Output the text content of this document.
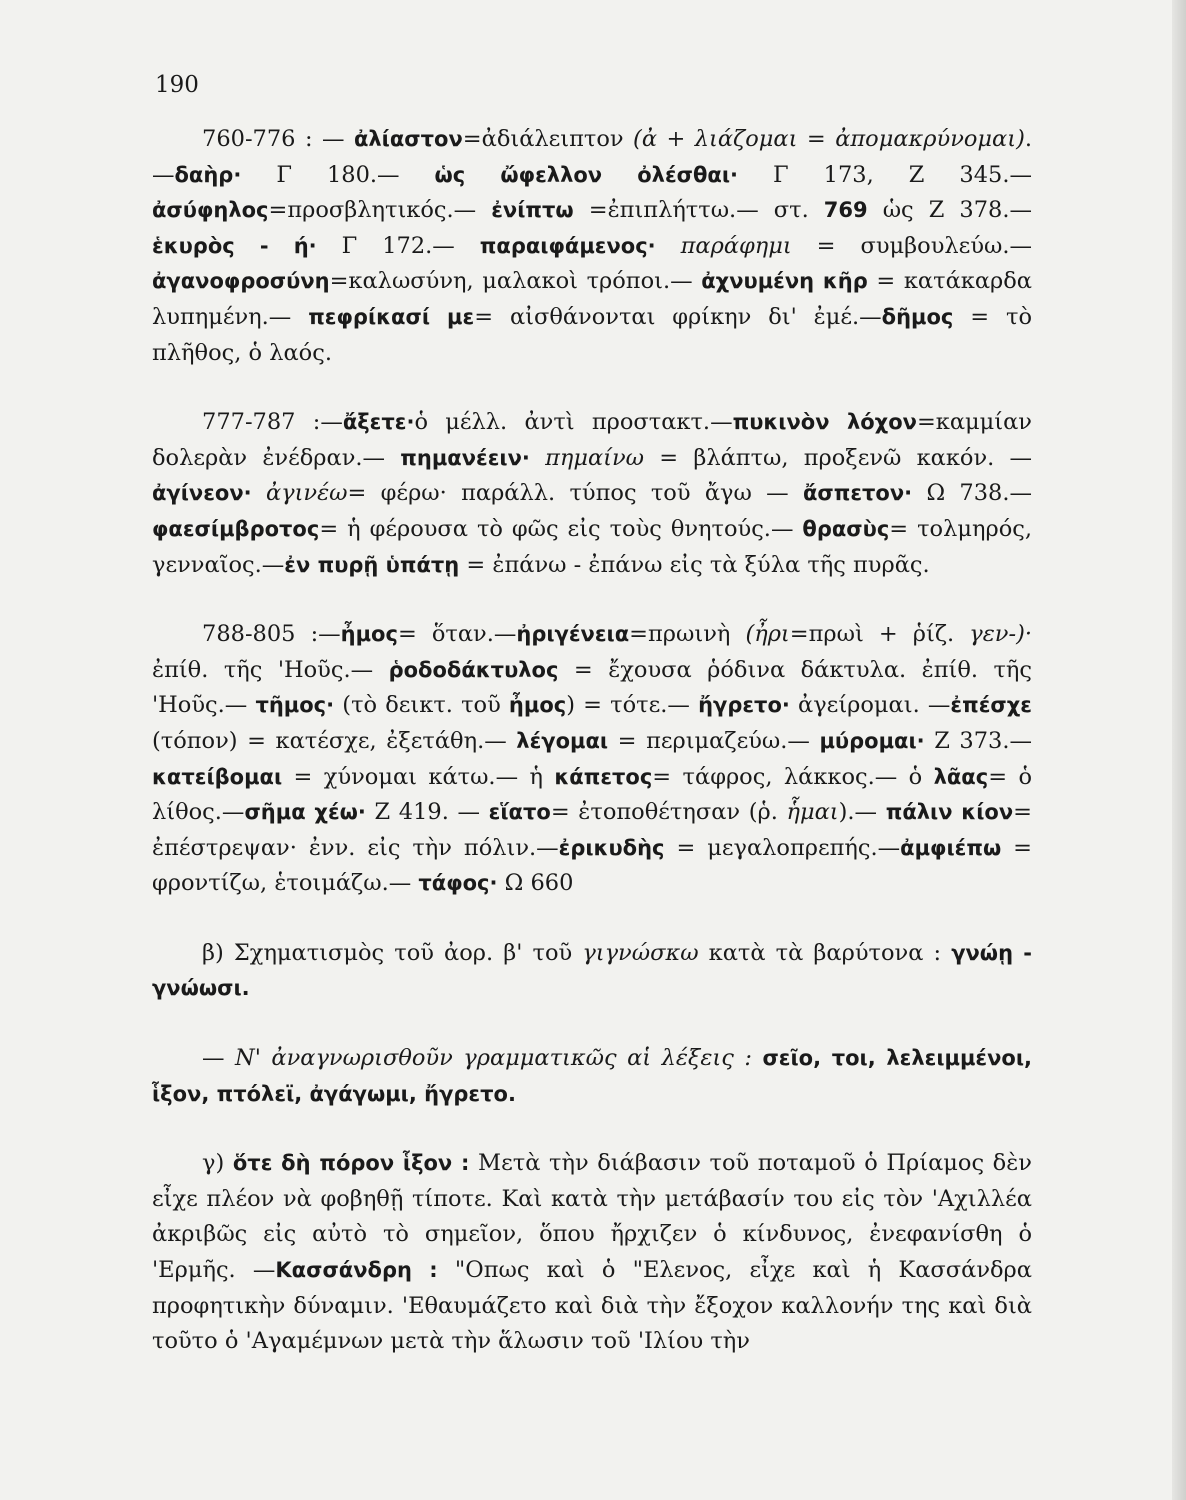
190

760-776 : — ἀλίαστον=ἀδιάλειπτον (ἀ + λιάζομαι = ἀπομακρύνομαι).—δαὴρ· Γ 180.— ὡς ὤφελλον ὀλέσθαι· Γ 173, Ζ 345.—ἀσύφηλος=προσβλητικός.— ἐνίπτω =ἐπιπλήττω.— στ. 769 ὡς Ζ 378.— ἑκυρὸς - ή· Γ 172.— παραιφάμενος· παράφημι = συμβουλεύω.— ἀγανοφροσύνη=καλωσύνη, μαλακοὶ τρόποι.— ἀχνυμένη κῆρ = κατάκαρδα λυπημένη.— πεφρίκασί με= αἰσθάνονται φρίκην δι' ἐμέ.—δῆμος = τὸ πλῆθος, ὁ λαός.

777-787 :—ἄξετε·ὁ μέλλ. ἀντὶ προστακτ.—πυκινὸν λόχον=καμμίαν δολερὰν ἐνέδραν.— πημανέειν· πημαίνω = βλάπτω, προξενῶ κακόν. — ἀγίνεον· ἀγινέω= φέρω· παράλλ. τύπος τοῦ ἄγω — ἄσπετον· Ω 738.—φαεσίμβροτος= ἡ φέρουσα τὸ φῶς εἰς τοὺς θνητούς.— θρασὺς= τολμηρός, γενναῖος.—ἐν πυρῇ ὑπάτῃ = ἐπάνω - ἐπάνω εἰς τὰ ξύλα τῆς πυρᾶς.

788-805 :—ἦμος= ὅταν.—ἠριγένεια=πρωινὴ (ἦρι=πρωὶ + ῥίζ. γεν-)· ἐπίθ. τῆς 'Ηοῦς.— ῥοδοδάκτυλος = ἔχουσα ῥόδινα δάκτυλα. ἐπίθ. τῆς 'Ηοῦς.— τῆμος· (τὸ δεικτ. τοῦ ἦμος) = τότε.— ἤγρετο· ἀγείρομαι. —ἐπέσχε (τόπον) = κατέσχε, ἐξετάθη.— λέγομαι = περιμαζεύω.— μύρομαι· Ζ 373.— κατείβομαι = χύνομαι κάτω.— ἡ κάπετος= τάφρος, λάκκος.— ὁ λᾶας= ὁ λίθος.—σῆμα χέω· Ζ 419. — εἵατο= ἐτοποθέτησαν (ῥ. ἧμαι).— πάλιν κίον= ἐπέστρεψαν· ἐνν. εἰς τὴν πόλιν.—ἐρικυδὴς = μεγαλοπρεπής.—ἀμφιέπω = φροντίζω, ἑτοιμάζω.— τάφος· Ω 660

β) Σχηματισμὸς τοῦ ἀορ. β' τοῦ γιγνώσκω κατὰ τὰ βαρύτονα : γνώῃ - γνώωσι.

— Ν' ἀναγνωρισθοῦν γραμματικῶς αἱ λέξεις : σεῖο, τοι, λελειμμένοι, ἷξον, πτόλεϊ, ἀγάγωμι, ἤγρετο.

γ) ὅτε δὴ πόρον ἷξον : Μετὰ τὴν διάβασιν τοῦ ποταμοῦ ὁ Πρίαμος δὲν εἶχε πλέον νὰ φοβηθῇ τίποτε. Καὶ κατὰ τὴν μετάβασίν του εἰς τὸν 'Αχιλλέα ἀκριβῶς εἰς αὐτὸ τὸ σημεῖον, ὅπου ἤρχιζεν ὁ κίνδυνος, ἐνεφανίσθη ὁ 'Ερμῆς. —Κασσάνδρη : "Οπως καὶ ὁ "Ελενος, εἶχε καὶ ἡ Κασσάνδρα προφητικὴν δύναμιν. 'Εθαυμάζετο καὶ διὰ τὴν ἔξοχον καλλονήν της καὶ διὰ τοῦτο ὁ 'Αγαμέμνων μετὰ τὴν ἅλωσιν τοῦ 'Ιλίου τὴν
